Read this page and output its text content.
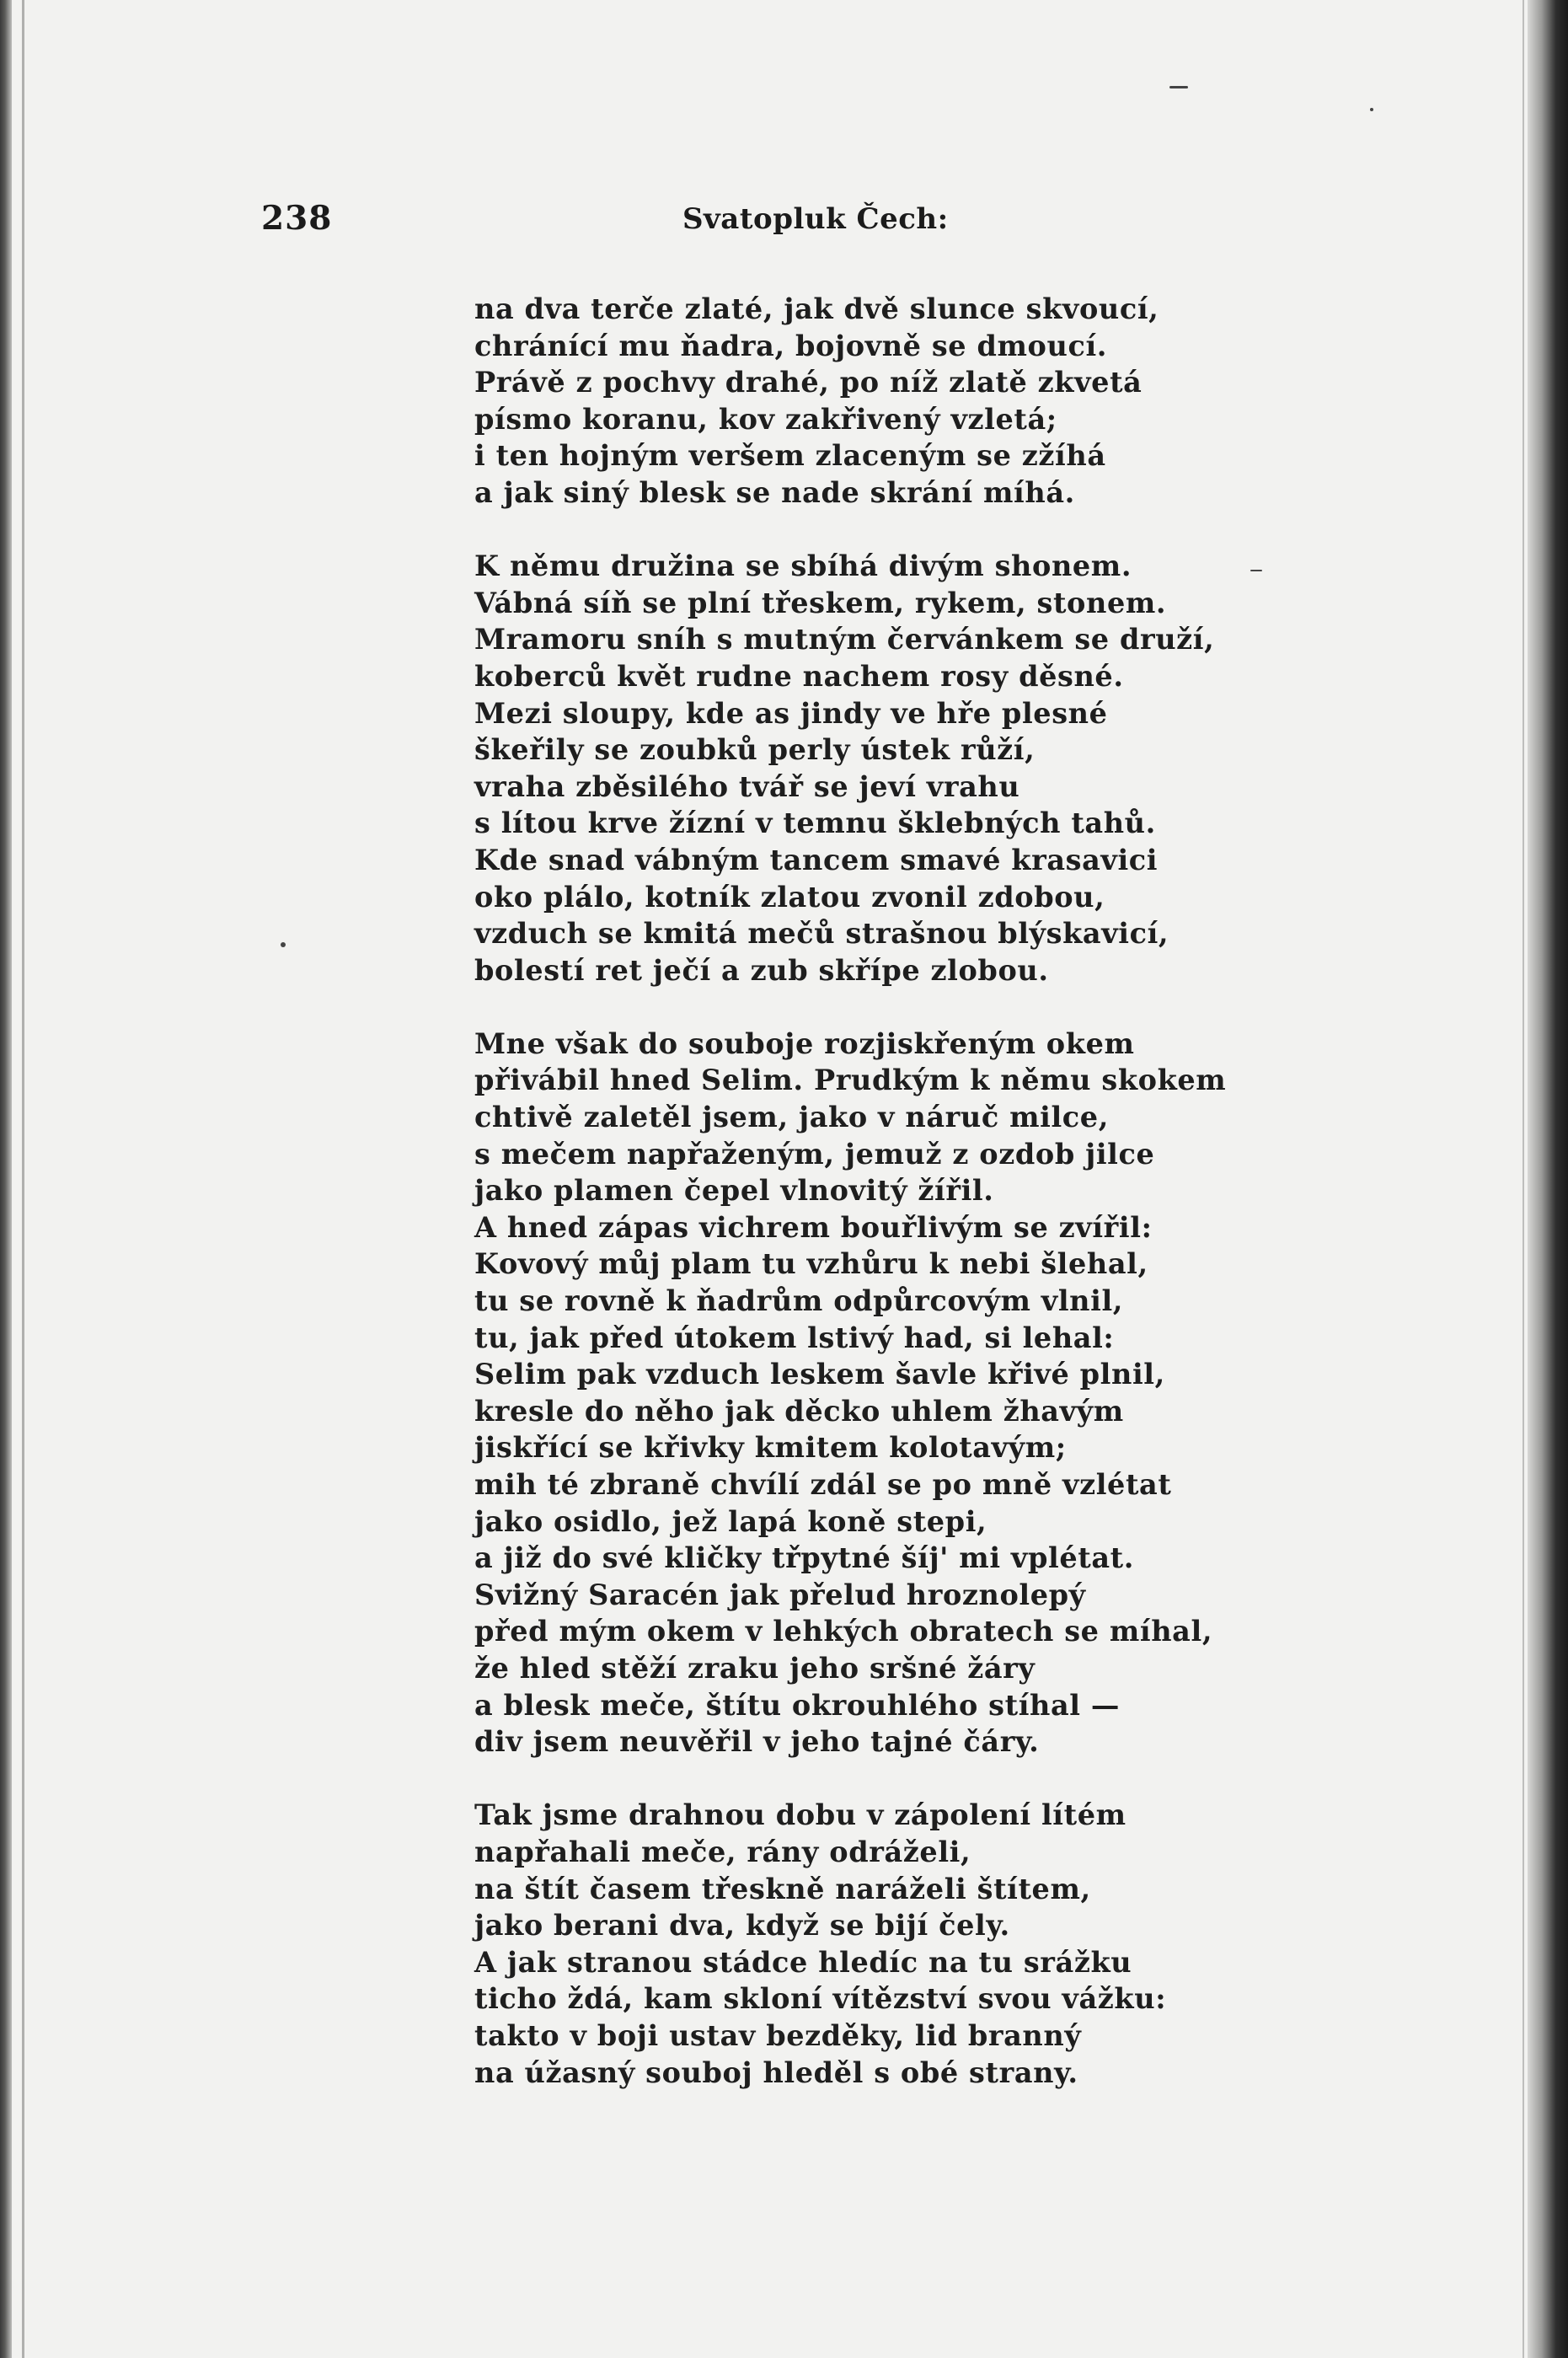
238	Svatopluk Čech:
na dva terče zlaté, jak dvě slunce skvoucí,
chránící mu ňadra, bojovně se dmoucí.
Právě z pochvy drahé, po níž zlatě zkvetá
písmo koranu, kov zakřivený vzletá;
i ten hojným veršem zlaceným se zžíhá
a jak siný blesk se nade skrání míhá.
K němu družina se sbíhá divým shonem.
Vábná síň se plní třeskem, rykem, stonem.
Mramoru sníh s mutným červánkem se druží,
koberců květ rudne nachem rosy děsné.
Mezi sloupy, kde as jindy ve hře plesné
škeřily se zoubků perly ústek růží,
vraha zběsilého tvář se jeví vrahu
s lítou krve žízní v temnu šklebných tahů.
Kde snad vábným tancem smavé krasavici
oko plálo, kotník zlatou zvonil zdobou,
vzduch se kmitá mečů strašnou blýskavicí,
bolestí ret ječí a zub skřípe zlobou.
Mne však do souboje rozjiskřeným okem
přivábil hned Selim. Prudkým k němu skokem
chtivě zaletěl jsem, jako v náruč milce,
s mečem napřaženým, jemuž z ozdob jilce
jako plamen čepel vlnovitý žířil.
A hned zápas vichrem bouřlivým se zvířil:
Kovový můj plam tu vzhůru k nebi šlehal,
tu se rovně k ňadrům odpůrcovým vlnil,
tu, jak před útokem lstivý had, si lehal:
Selim pak vzduch leskem šavle křivé plnil,
kresle do něho jak děcko uhlem žhavým
jiskřící se křivky kmitem kolotavým;
mih té zbraně chvílí zdál se po mně vzlétat
jako osidlo, jež lapá koně stepi,
a již do své kličky třpytné šíj' mi vplétat.
Svižný Saracén jak přelud hroznolepý
před mým okem v lehkých obratech se míhal,
že hled stěží zraku jeho sršné žáry
a blesk meče, štítu okrouhlého stíhal —
div jsem neuvěřil v jeho tajné čáry.
Tak jsme drahnou dobu v zápolení lítém
napřahali meče, rány odráželi,
na štít časem třeskně naráželi štítem,
jako berani dva, když se bijí čely.
A jak stranou stádce hledíc na tu srážku
ticho ždá, kam skloní vítězství svou vážku:
takto v boji ustav bezděky, lid branný
na úžasný souboj hleděl s obé strany.
